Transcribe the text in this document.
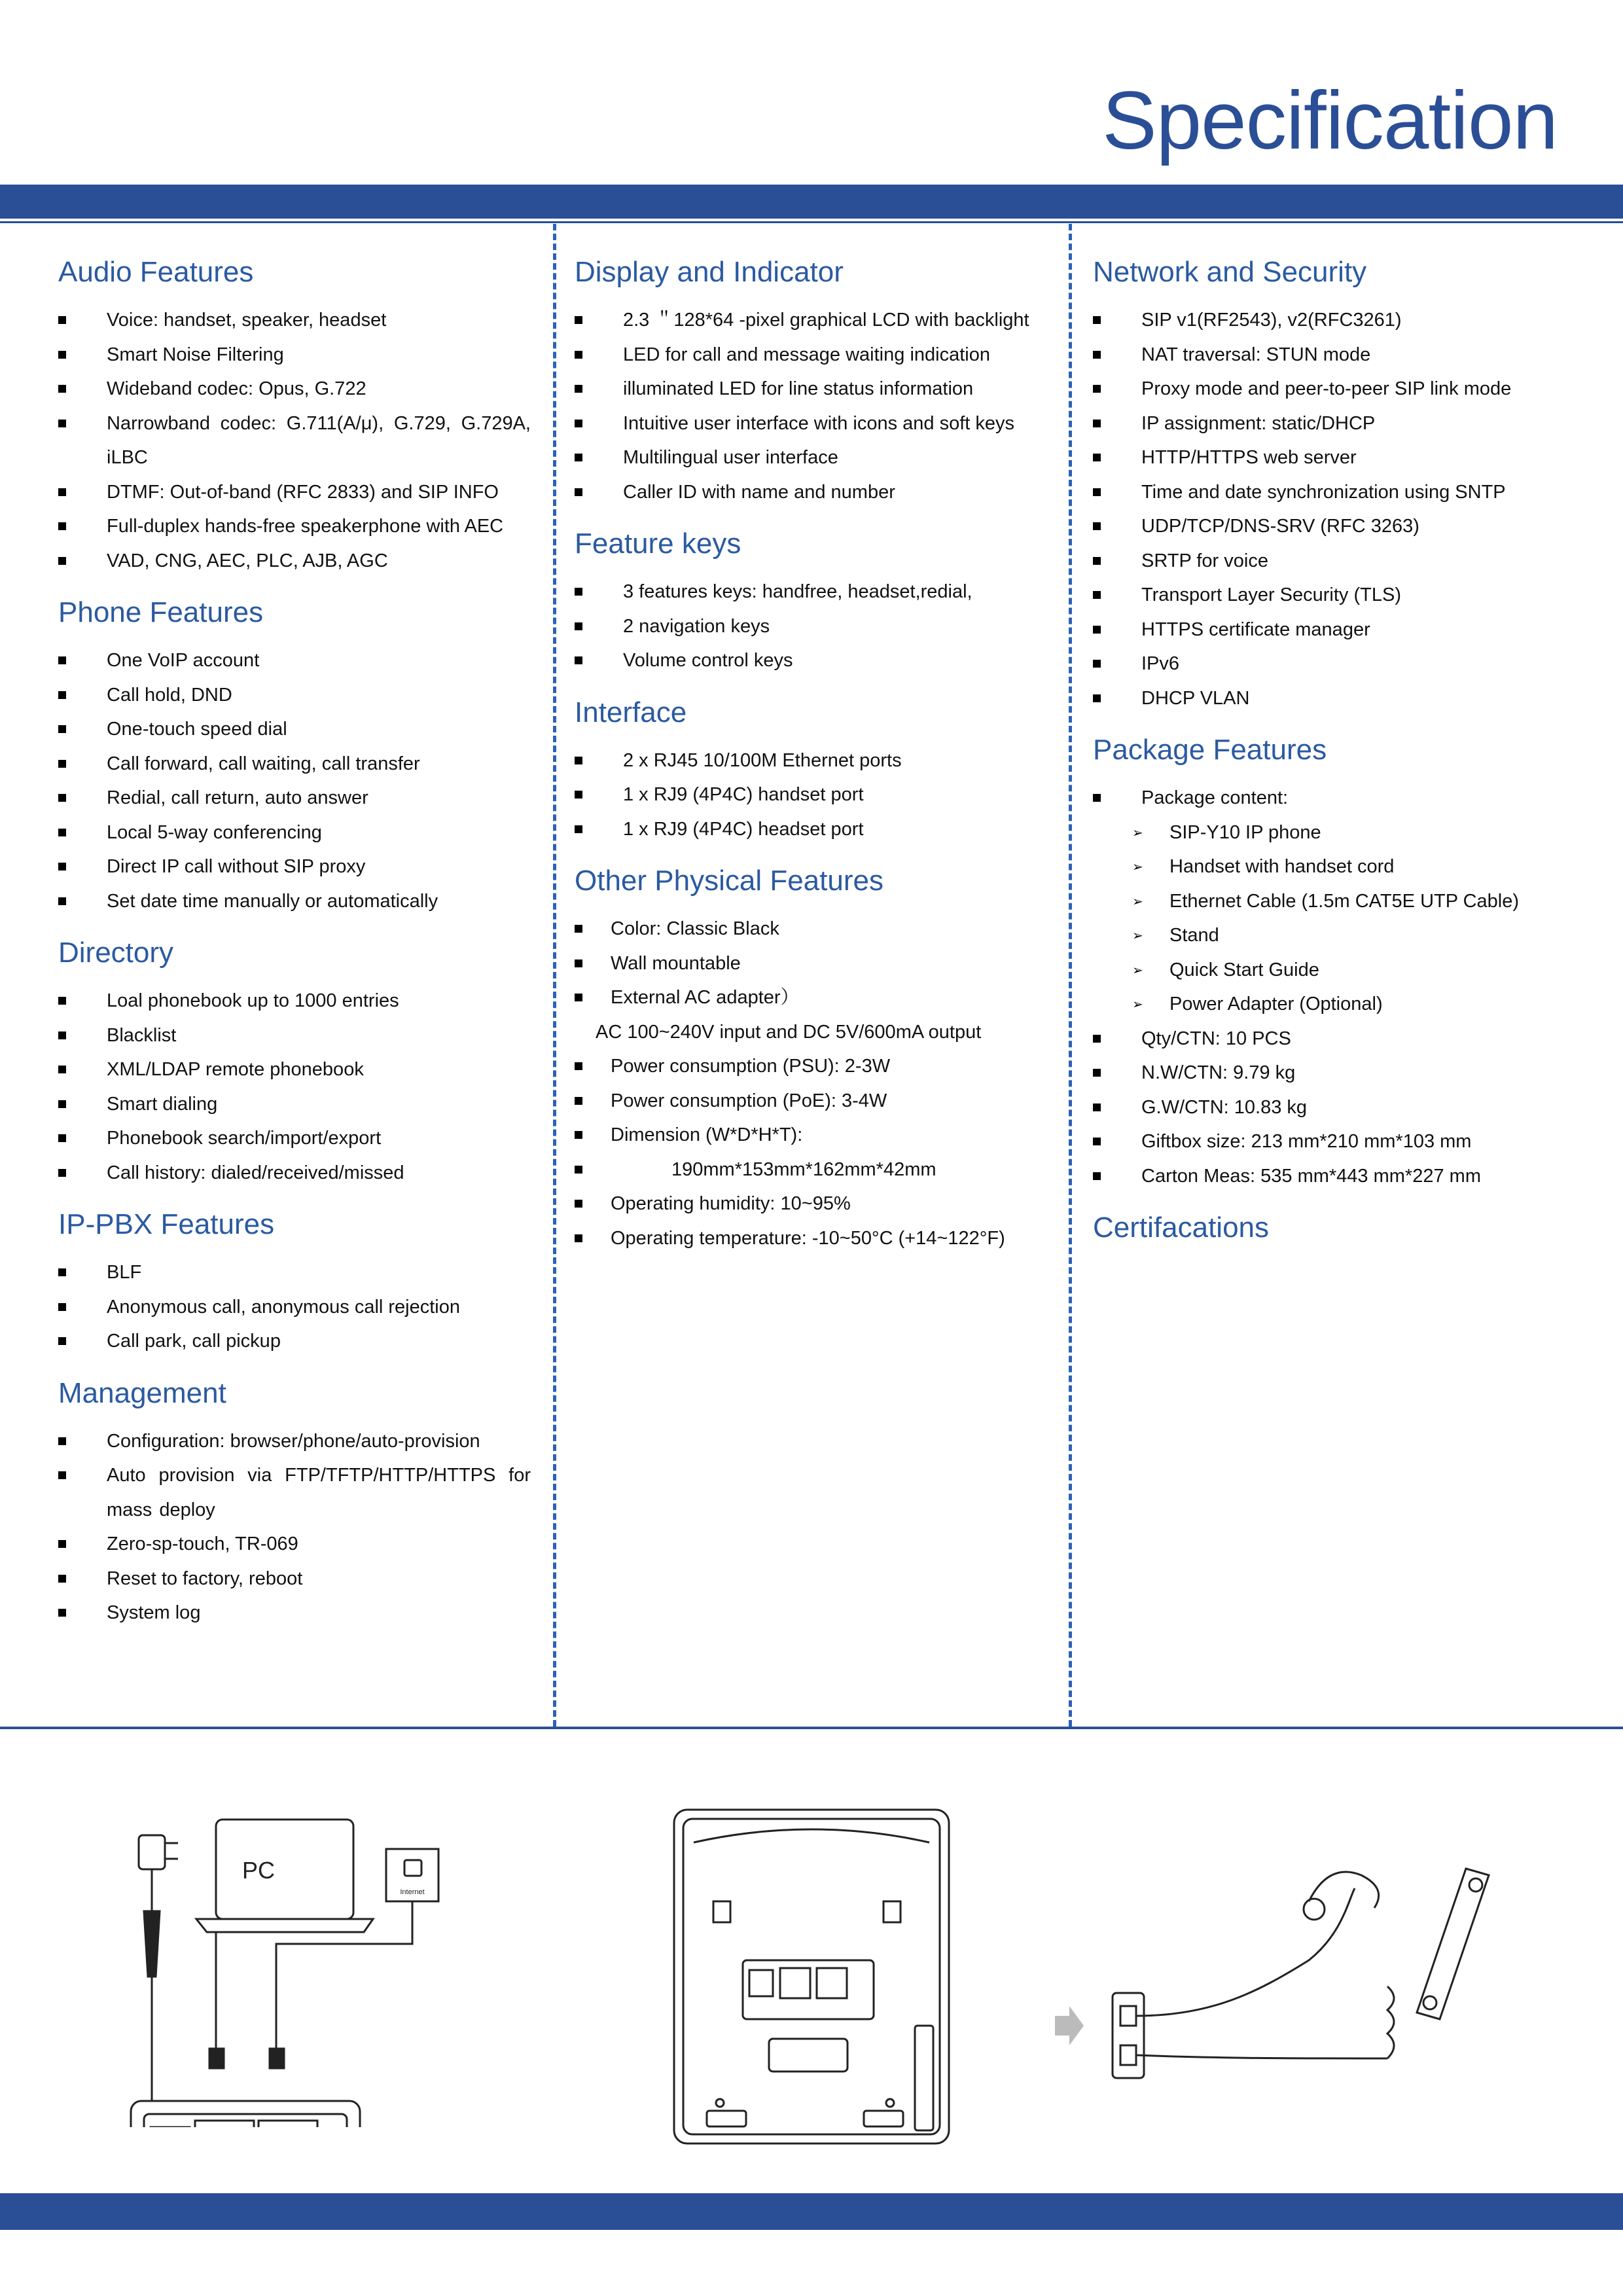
Specification
Audio Features
Voice: handset, speaker, headset
Smart Noise Filtering
Wideband codec: Opus, G.722
Narrowband codec: G.711(A/μ), G.729, G.729A, iLBC
DTMF: Out-of-band (RFC 2833) and SIP INFO
Full-duplex hands-free speakerphone with AEC
VAD, CNG, AEC, PLC, AJB, AGC
Phone Features
One VoIP account
Call hold, DND
One-touch speed dial
Call forward, call waiting, call transfer
Redial, call return, auto answer
Local 5-way conferencing
Direct IP call without SIP proxy
Set date time manually or automatically
Directory
Loal phonebook up to 1000 entries
Blacklist
XML/LDAP remote phonebook
Smart dialing
Phonebook search/import/export
Call history: dialed/received/missed
IP-PBX Features
BLF
Anonymous call, anonymous call rejection
Call park, call pickup
Management
Configuration: browser/phone/auto-provision
Auto provision via FTP/TFTP/HTTP/HTTPS for mass deploy
Zero-sp-touch, TR-069
Reset to factory, reboot
System log
Display and Indicator
2.3 ＂128*64 -pixel graphical LCD with backlight
LED for call and message waiting indication
illuminated LED for line status information
Intuitive user interface with icons and soft keys
Multilingual user interface
Caller ID with name and number
Feature keys
3 features keys: handfree, headset,redial,
2 navigation keys
Volume control keys
Interface
2 x RJ45 10/100M Ethernet ports
1 x RJ9 (4P4C) handset port
1 x RJ9 (4P4C) headset port
Other Physical Features
Color: Classic Black
Wall mountable
External AC adapter）
AC 100~240V input and DC 5V/600mA output
Power consumption (PSU): 2-3W
Power consumption (PoE): 3-4W
Dimension (W*D*H*T):
190mm*153mm*162mm*42mm
Operating humidity: 10~95%
Operating temperature: -10~50°C (+14~122°F)
Network and Security
SIP v1(RF2543), v2(RFC3261)
NAT traversal: STUN mode
Proxy mode and peer-to-peer SIP link mode
IP assignment: static/DHCP
HTTP/HTTPS web server
Time and date synchronization using SNTP
UDP/TCP/DNS-SRV (RFC 3263)
SRTP for voice
Transport Layer Security (TLS)
HTTPS certificate manager
IPv6
DHCP VLAN
Package Features
Package content:
➢ SIP-Y10 IP phone
➢ Handset with handset cord
➢ Ethernet Cable (1.5m CAT5E UTP Cable)
➢ Stand
➢ Quick Start Guide
➢ Power Adapter (Optional)
Qty/CTN: 10 PCS
N.W/CTN: 9.79 kg
G.W/CTN: 10.83 kg
Giftbox size: 213 mm*210 mm*103 mm
Carton Meas: 535 mm*443 mm*227 mm
Certifacations
PC
Internet
